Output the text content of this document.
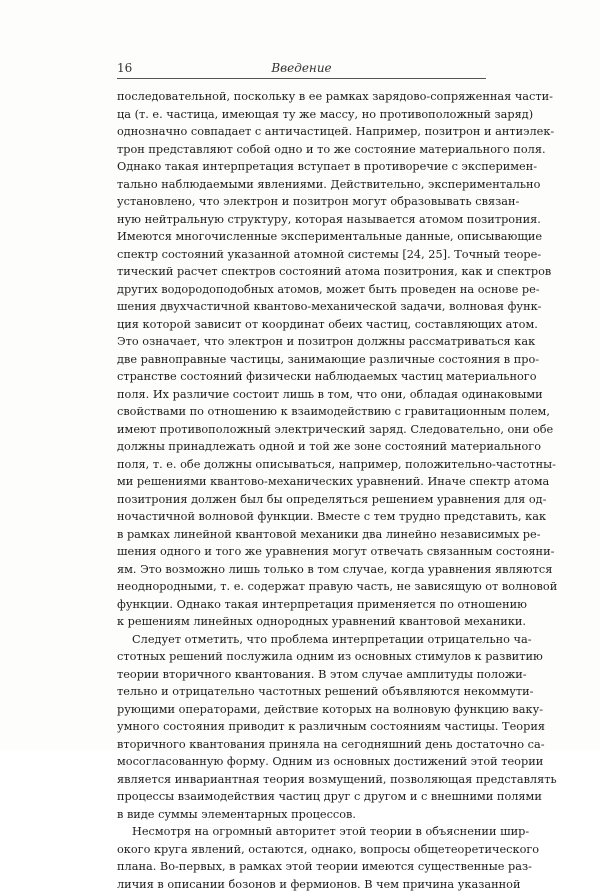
16	Введение
последовательной, поскольку в ее рамках зарядово-сопряженная части-
ца (т. е. частица, имеющая ту же массу, но противоположный заряд)
однозначно совпадает с античастицей. Например, позитрон и антиэлек-
трон представляют собой одно и то же состояние материального поля.
Однако такая интерпретация вступает в противоречие с эксперимен-
тально наблюдаемыми явлениями. Действительно, экспериментально
установлено, что электрон и позитрон могут образовывать связан-
ную нейтральную структуру, которая называется атомом позитрония.
Имеются многочисленные экспериментальные данные, описывающие
спектр состояний указанной атомной системы [24, 25]. Точный теоре-
тический расчет спектров состояний атома позитрония, как и спектров
других водородоподобных атомов, может быть проведен на основе ре-
шения двухчастичной квантово-механической задачи, волновая функ-
ция которой зависит от координат обеих частиц, составляющих атом.
Это означает, что электрон и позитрон должны рассматриваться как
две равноправные частицы, занимающие различные состояния в про-
странстве состояний физически наблюдаемых частиц материального
поля. Их различие состоит лишь в том, что они, обладая одинаковыми
свойствами по отношению к взаимодействию с гравитационным полем,
имеют противоположный электрический заряд. Следовательно, они обе
должны принадлежать одной и той же зоне состояний материального
поля, т. е. обе должны описываться, например, положительно-частотны-
ми решениями квантово-механических уравнений. Иначе спектр атома
позитрония должен был бы определяться решением уравнения для од-
ночастичной волновой функции. Вместе с тем трудно представить, как
в рамках линейной квантовой механики два линейно независимых ре-
шения одного и того же уравнения могут отвечать связанным состояни-
ям. Это возможно лишь только в том случае, когда уравнения являются
неоднородными, т. е. содержат правую часть, не зависящую от волновой
функции. Однако такая интерпретация применяется по отношению
к решениям линейных однородных уравнений квантовой механики.
Следует отметить, что проблема интерпретации отрицательно ча-
стотных решений послужила одним из основных стимулов к развитию
теории вторичного квантования. В этом случае амплитуды положи-
тельно и отрицательно частотных решений объявляются некоммути-
рующими операторами, действие которых на волновую функцию ваку-
умного состояния приводит к различным состояниям частицы. Теория
вторичного квантования приняла на сегодняшний день достаточно са-
мосогласованную форму. Одним из основных достижений этой теории
является инвариантная теория возмущений, позволяющая представлять
процессы взаимодействия частиц друг с другом и с внешними полями
в виде суммы элементарных процессов.
Несмотря на огромный авторитет этой теории в объяснении шир-
окого круга явлений, остаются, однако, вопросы общетеоретического
плана. Во-первых, в рамках этой теории имеются существенные раз-
личия в описании бозонов и фермионов. В чем причина указанной
